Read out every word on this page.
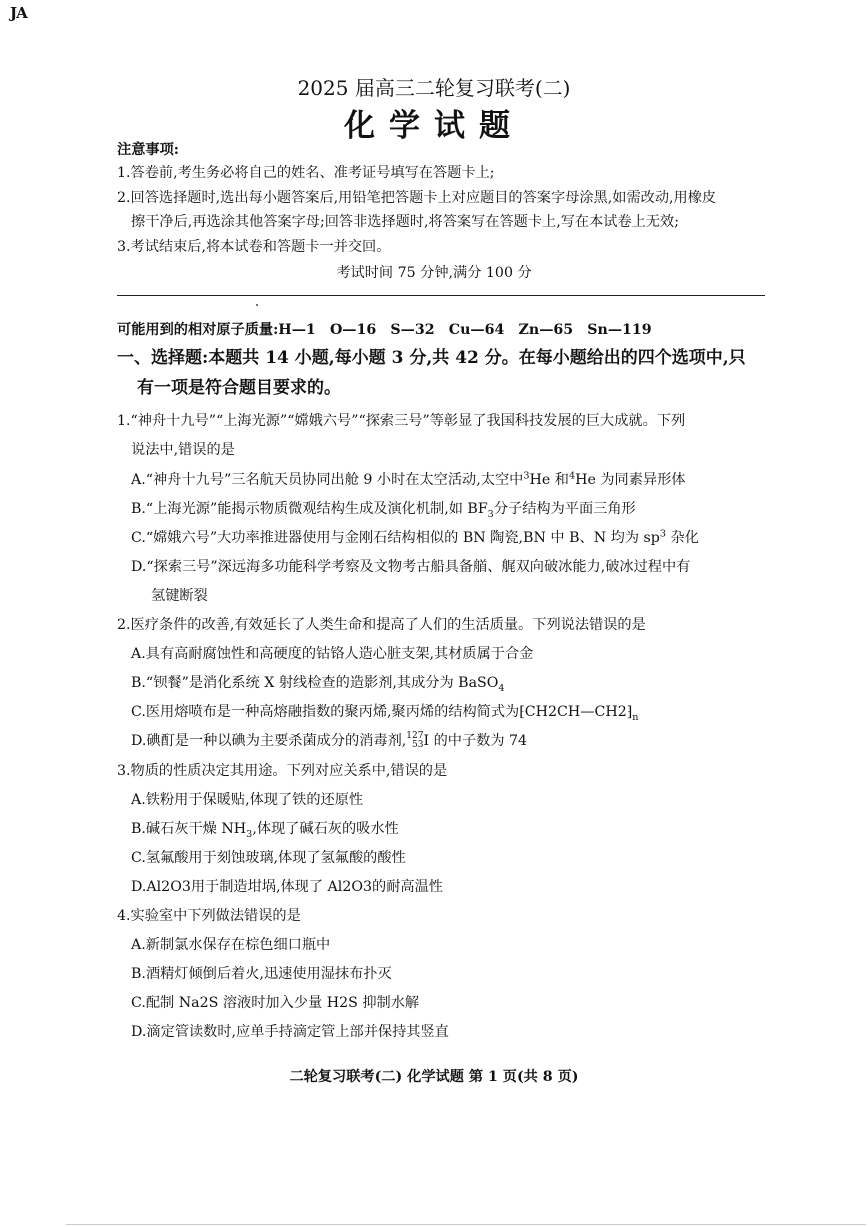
JA
2025 届高三二轮复习联考(二)
化学试题
注意事项:
1.答卷前,考生务必将自己的姓名、准考证号填写在答题卡上;
2.回答选择题时,选出每小题答案后,用铅笔把答题卡上对应题目的答案字母涂黑,如需改动,用橡皮
擦干净后,再选涂其他答案字母;回答非选择题时,将答案写在答题卡上,写在本试卷上无效;
3.考试结束后,将本试卷和答题卡一并交回。
考试时间 75 分钟,满分 100 分
可能用到的相对原子质量:H—1　O—16　S—32　Cu—64　Zn—65　Sn—119
一、选择题:本题共 14 小题,每小题 3 分,共 42 分。在每小题给出的四个选项中,只
有一项是符合题目要求的。
1.“神舟十九号”“上海光源”“嫦娥六号”“探索三号”等彰显了我国科技发展的巨大成就。下列
说法中,错误的是
A.“神舟十九号”三名航天员协同出舱 9 小时在太空活动,太空中$^3$He 和$^4$He 为同素异形体
B.“上海光源”能揭示物质微观结构生成及演化机制,如 $BF_3$分子结构为平面三角形
C.“嫦娥六号”大功率推进器使用与金刚石结构相似的 BN 陶瓷,BN 中 B、N 均为 $sp^3$ 杂化
D.“探索三号”深远海多功能科学考察及文物考古船具备艏、艉双向破冰能力,破冰过程中有
氢键断裂
2.医疗条件的改善,有效延长了人类生命和提高了人们的生活质量。下列说法错误的是
A.具有高耐腐蚀性和高硬度的钴铬人造心脏支架,其材质属于合金
B.“钡餐”是消化系统 X 射线检查的造影剂,其成分为 BaSO$_4$
C.医用熔喷布是一种高熔融指数的聚丙烯,聚丙烯的结构简式为$⁅CH2CH—CH2⁆_n$
D.碘酊是一种以碘为主要杀菌成分的消毒剂, 127
53 I 的中子数为 74
3.物质的性质决定其用途。下列对应关系中,错误的是
A.铁粉用于保暖贴,体现了铁的还原性
B.碱石灰干燥 $NH_3$,体现了碱石灰的吸水性
C.氢氟酸用于刻蚀玻璃,体现了氢氟酸的酸性
D.Al2O3用于制造坩埚,体现了 Al2O3的耐高温性
4.实验室中下列做法错误的是
A.新制氯水保存在棕色细口瓶中
B.酒精灯倾倒后着火,迅速使用湿抹布扑灭
C.配制 Na2S 溶液时加入少量 H2S 抑制水解
D.滴定管读数时,应单手持滴定管上部并保持其竖直
二轮复习联考(二) 化学试题 第 1 页(共 8 页)
